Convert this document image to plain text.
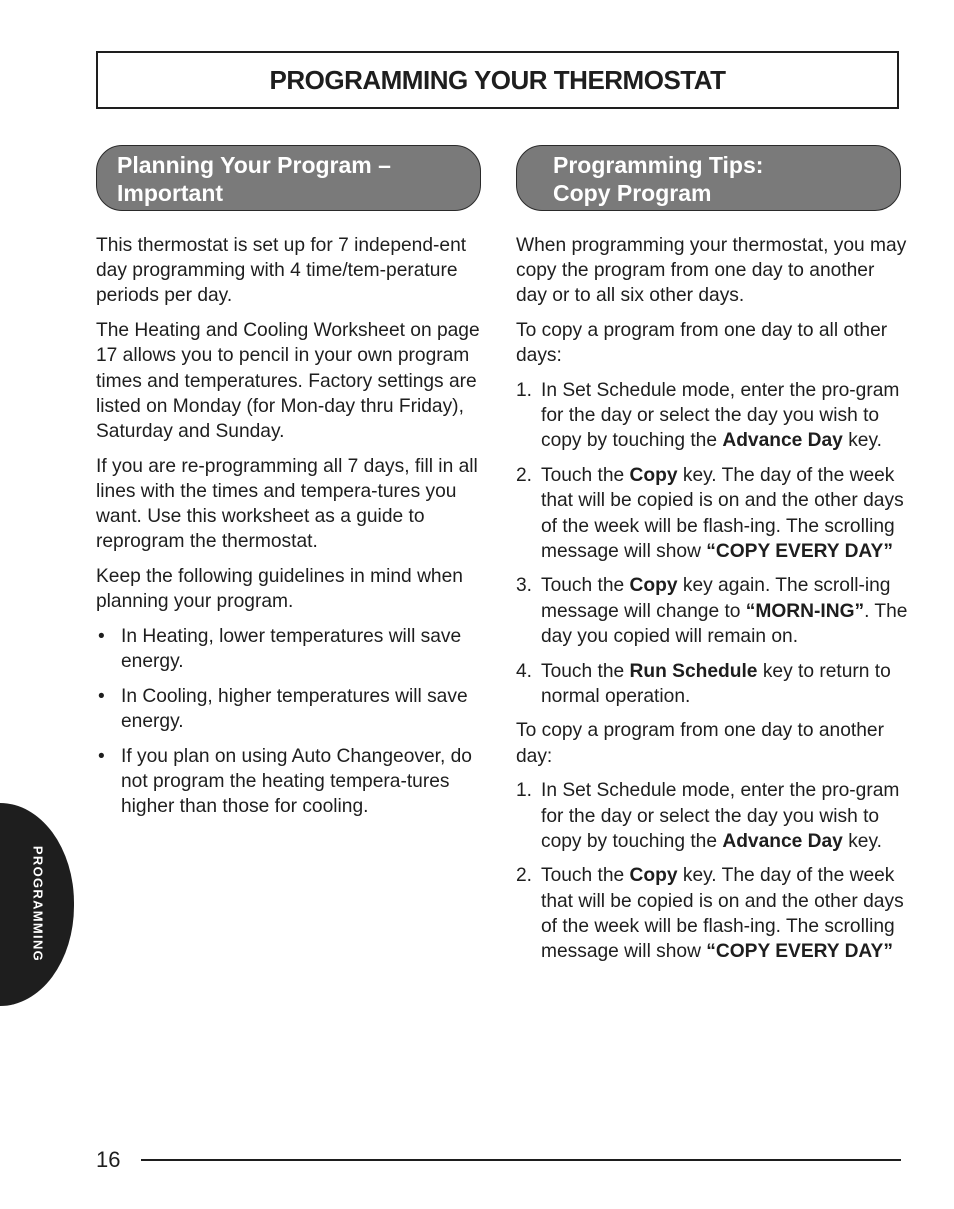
PROGRAMMING YOUR THERMOSTAT
Planning Your Program –
Important
Programming Tips:
Copy Program

This thermostat is set up for 7 independ-ent day programming with 4 time/tem-perature periods per day.

The Heating and Cooling Worksheet on page 17 allows you to pencil in your own program times and temperatures. Factory settings are listed on Monday (for Mon-day thru Friday), Saturday and Sunday.

If you are re-programming all 7 days, fill in all lines with the times and tempera-tures you want. Use this worksheet as a guide to reprogram the thermostat.

Keep the following guidelines in mind when planning your program.

• In Heating, lower temperatures will save energy.
• In Cooling, higher temperatures will save energy.
• If you plan on using Auto Changeover, do not program the heating tempera-tures higher than those for cooling.

When programming your thermostat, you may copy the program from one day to another day or to all six other days.

To copy a program from one day to all other days:

1. In Set Schedule mode, enter the pro-gram for the day or select the day you wish to copy by touching the Advance Day key.
2. Touch the Copy key. The day of the week that will be copied is on and the other days of the week will be flash-ing. The scrolling message will show “COPY EVERY DAY”
3. Touch the Copy key again. The scroll-ing message will change to “MORN-ING”. The day you copied will remain on.
4. Touch the Run Schedule key to return to normal operation.

To copy a program from one day to another day:

1. In Set Schedule mode, enter the pro-gram for the day or select the day you wish to copy by touching the Advance Day key.
2. Touch the Copy key. The day of the week that will be copied is on and the other days of the week will be flash-ing. The scrolling message will show “COPY EVERY DAY”
PROGRAMMING
16
